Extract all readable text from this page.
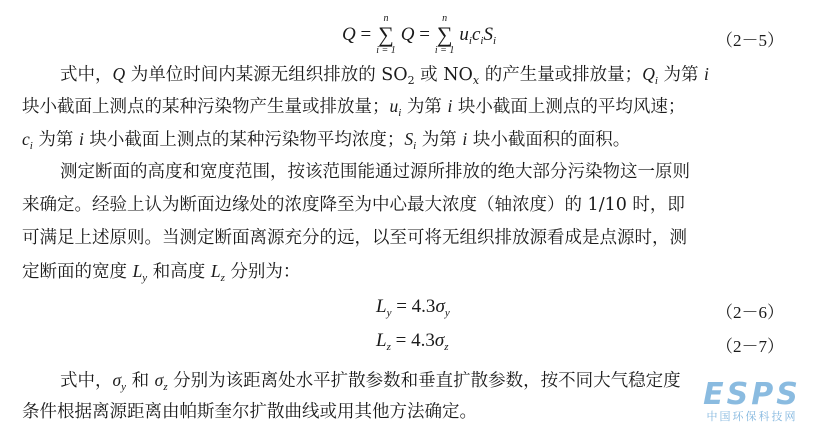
Q = ∑
n
i = 1
Q = ∑
n
i = 1
$u_ic_iS_i$	（2－5）
式中，Q 为单位时间内某源无组织排放的 $SO_2$ 或 $NO_x$ 的产生量或排放量；$Q_i$ 为第 i
块小截面上测点的某种污染物产生量或排放量；$u_i$ 为第 i 块小截面上测点的平均风速；
$c_i$ 为第 i 块小截面上测点的某种污染物平均浓度；$S_i$ 为第 i 块小截面积的面积。
测定断面的高度和宽度范围，按该范围能通过源所排放的绝大部分污染物这一原则
来确定。经验上认为断面边缘处的浓度降至为中心最大浓度（轴浓度）的 1/10 时，即
可满足上述原则。当测定断面离源充分的远，以至可将无组织排放源看成是点源时，测
定断面的宽度 $L_y$ 和高度 $L_z$ 分别为：
$L_y = 4.3\sigma_y$	（2－6）
$L_z = 4.3\sigma_z$	（2－7）
式中，$\sigma_y$ 和 $\sigma_z$ 分别为该距离处水平扩散参数和垂直扩散参数，按不同大气稳定度
条件根据离源距离由帕斯奎尔扩散曲线或用其他方法确定。	ESPS
中国环保科技网
